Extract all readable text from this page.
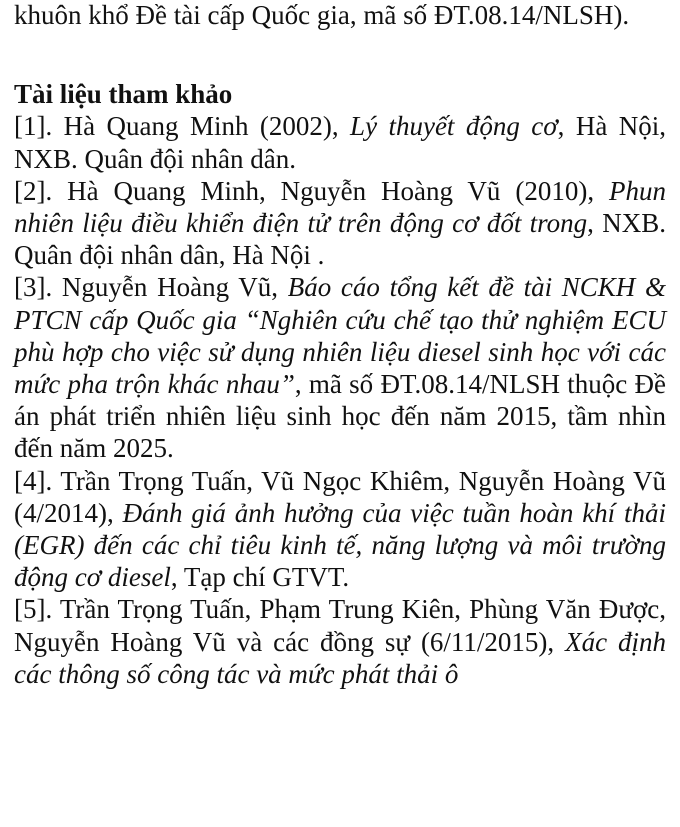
khuôn khổ Đề tài cấp Quốc gia, mã số ĐT.08.14/NLSH).

Tài liệu tham khảo

[1]. Hà Quang Minh (2002), Lý thuyết động cơ, Hà Nội, NXB. Quân đội nhân dân.

[2]. Hà Quang Minh, Nguyễn Hoàng Vũ (2010), Phun nhiên liệu điều khiển điện tử trên động cơ đốt trong, NXB. Quân đội nhân dân, Hà Nội .

[3]. Nguyễn Hoàng Vũ, Báo cáo tổng kết đề tài NCKH & PTCN cấp Quốc gia “Nghiên cứu chế tạo thử nghiệm ECU phù hợp cho việc sử dụng nhiên liệu diesel sinh học với các mức pha trộn khác nhau”, mã số ĐT.08.14/NLSH thuộc Đề án phát triển nhiên liệu sinh học đến năm 2015, tầm nhìn đến năm 2025.

[4]. Trần Trọng Tuấn, Vũ Ngọc Khiêm, Nguyễn Hoàng Vũ (4/2014), Đánh giá ảnh hưởng của việc tuần hoàn khí thải (EGR) đến các chỉ tiêu kinh tế, năng lượng và môi trường động cơ diesel, Tạp chí GTVT.

[5]. Trần Trọng Tuấn, Phạm Trung Kiên, Phùng Văn Được, Nguyễn Hoàng Vũ và các đồng sự (6/11/2015), Xác định các thông số công tác và mức phát thải ô
